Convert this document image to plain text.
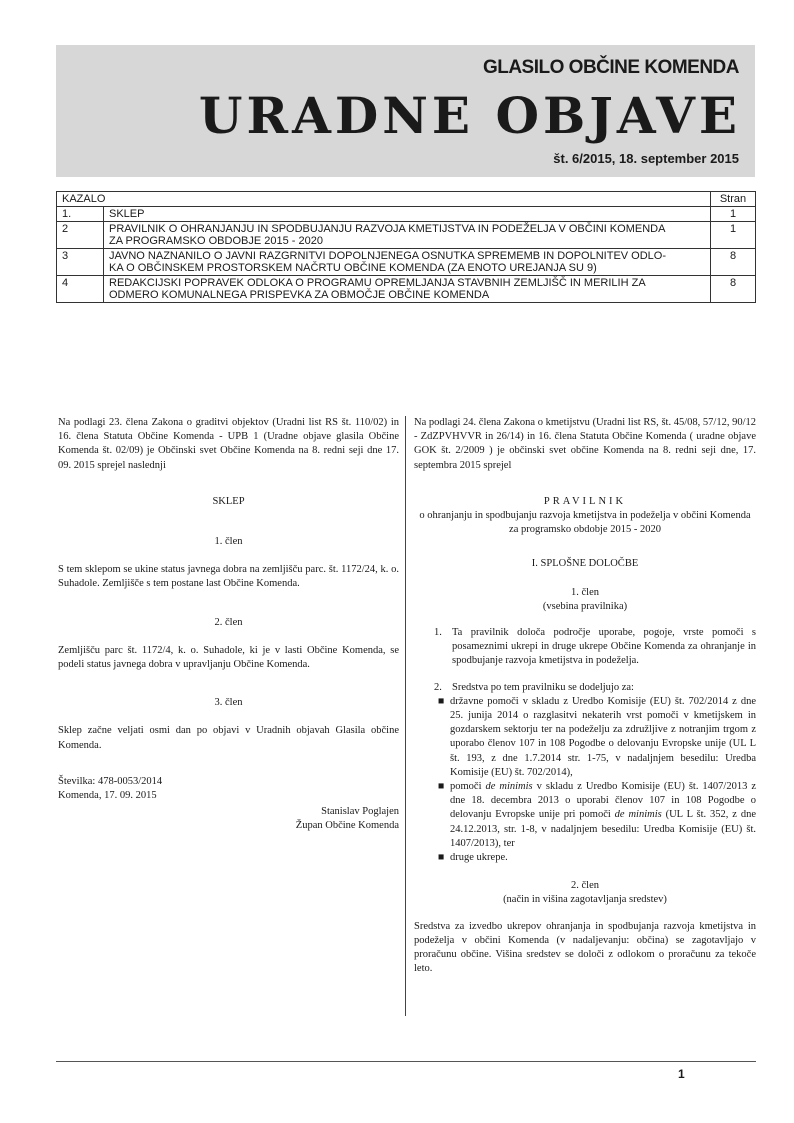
GLASILO OBČINE KOMENDA
URADNE OBJAVE
št. 6/2015, 18. september 2015
KAZALO		Stran
1.	SKLEP	1
2	PRAVILNIK O OHRANJANJU IN SPODBUJANJU RAZVOJA KMETIJSTVA IN PODEŽELJA V OBČINI KOMENDA
ZA PROGRAMSKO OBDOBJE 2015 - 2020	1
3	JAVNO NAZNANILO O JAVNI RAZGRNITVI DOPOLNJENEGA OSNUTKA SPREMEMB IN DOPOLNITEV ODLO-
KA O OBČINSKEM PROSTORSKEM NAČRTU OBČINE KOMENDA (ZA ENOTO UREJANJA SU 9)	8
4	REDAKCIJSKI POPRAVEK ODLOKA O PROGRAMU OPREMLJANJA STAVBNIH ZEMLJIŠČ IN MERILIH ZA
ODMERO KOMUNALNEGA PRISPEVKA ZA OBMOČJE OBČINE KOMENDA	8

Na podlagi 23. člena Zakona o graditvi objektov (Uradni list RS št. 110/02) in 16. člena Statuta Občine Komenda - UPB 1 (Uradne objave glasila Občine Komenda št. 02/09) je Občinski svet Občine Komenda na 8. redni seji dne 17. 09. 2015 sprejel naslednji

SKLEP

1. člen

S tem sklepom se ukine status javnega dobra na zemljišču parc. št. 1172/24, k. o. Suhadole. Zemljišče s tem postane last Občine Komenda.

2. člen

Zemljišču parc št. 1172/4, k. o. Suhadole, ki je v lasti Občine Komenda, se podeli status javnega dobra v upravljanju Občine Komenda.

3. člen

Sklep začne veljati osmi dan po objavi v Uradnih objavah Glasila občine Komenda.

Številka: 478-0053/2014

Komenda, 17. 09. 2015

Stanislav Poglajen

Župan Občine Komenda

Na podlagi 24. člena Zakona o kmetijstvu (Uradni list RS, št. 45/08, 57/12, 90/12 - ZdZPVHVVR in 26/14) in 16. člena Statuta Občine Komenda ( uradne objave GOK št. 2/2009 ) je občinski svet občine Komenda na 8. redni seji dne, 17. septembra 2015 sprejel

PRAVILNIK

o ohranjanju in spodbujanju razvoja kmetijstva in podeželja v občini Komenda za programsko obdobje 2015 - 2020

I. SPLOŠNE DOLOČBE

1. člen

(vsebina pravilnika)

1. Ta pravilnik določa področje uporabe, pogoje, vrste pomoči s posameznimi ukrepi in druge ukrepe Občine Komenda za ohranjanje in spodbujanje razvoja kmetijstva in podeželja.

2. Sredstva po tem pravilniku se dodeljujo za:

■ državne pomoči v skladu z Uredbo Komisije (EU) št. 702/2014 z dne 25. junija 2014 o razglasitvi nekaterih vrst pomoči v kmetijskem in gozdarskem sektorju ter na podeželju za združljive z notranjim trgom z uporabo členov 107 in 108 Pogodbe o delovanju Evropske unije (UL L št. 193, z dne 1.7.2014 str. 1-75, v nadaljnjem besedilu: Uredba Komisije (EU) št. 702/2014),

■ pomoči de minimis v skladu z Uredbo Komisije (EU) št. 1407/2013 z dne 18. decembra 2013 o uporabi členov 107 in 108 Pogodbe o delovanju Evropske unije pri pomoči de minimis (UL L št. 352, z dne 24.12.2013, str. 1-8, v nadaljnjem besedilu: Uredba Komisije (EU) št. 1407/2013), ter

■ druge ukrepe.

2. člen

(način in višina zagotavljanja sredstev)

Sredstva za izvedbo ukrepov ohranjanja in spodbujanja razvoja kmetijstva in podeželja v občini Komenda (v nadaljevanju: občina) se zagotavljajo v proračunu občine. Višina sredstev se določi z odlokom o proračunu za tekoče leto.

1
